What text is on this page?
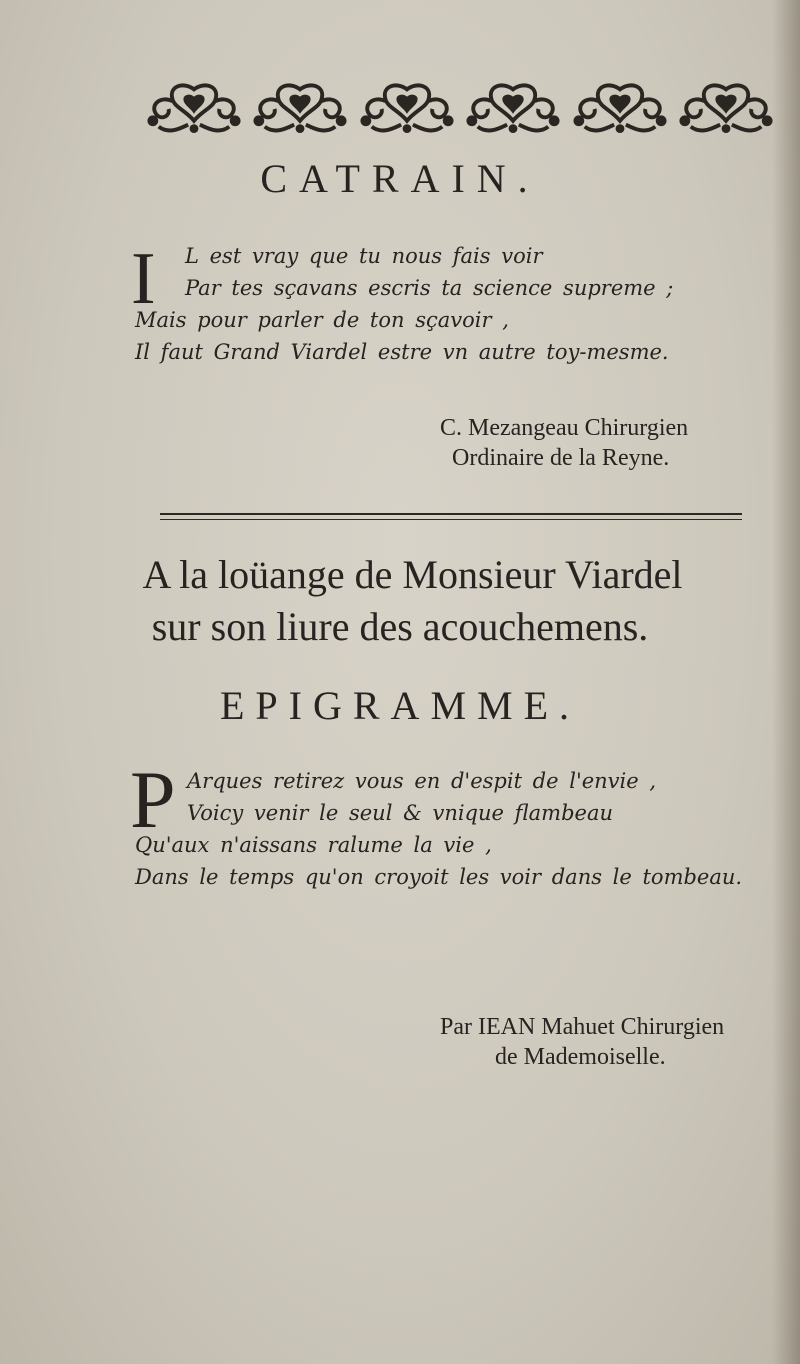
CATRAIN.
I	L est vray que tu nous fais voir
Par tes sçavans escris ta science supreme ;
Mais pour parler de ton sçavoir ,
Il faut Grand Viardel estre vn autre toy-mesme.
C. Mezangeau Chirurgien
Ordinaire de la Reyne.
A la loüange de Monsieur Viardel
sur son liure des acouchemens.
EPIGRAMME.
P Arques retirez vous en d'espit de l'envie ,
Voicy venir le seul & vnique flambeau
Qu'aux n'aissans ralume la vie ,
Dans le temps qu'on croyoit les voir dans le tombeau.
Par IEAN Mahuet Chirurgien
de Mademoiselle.
